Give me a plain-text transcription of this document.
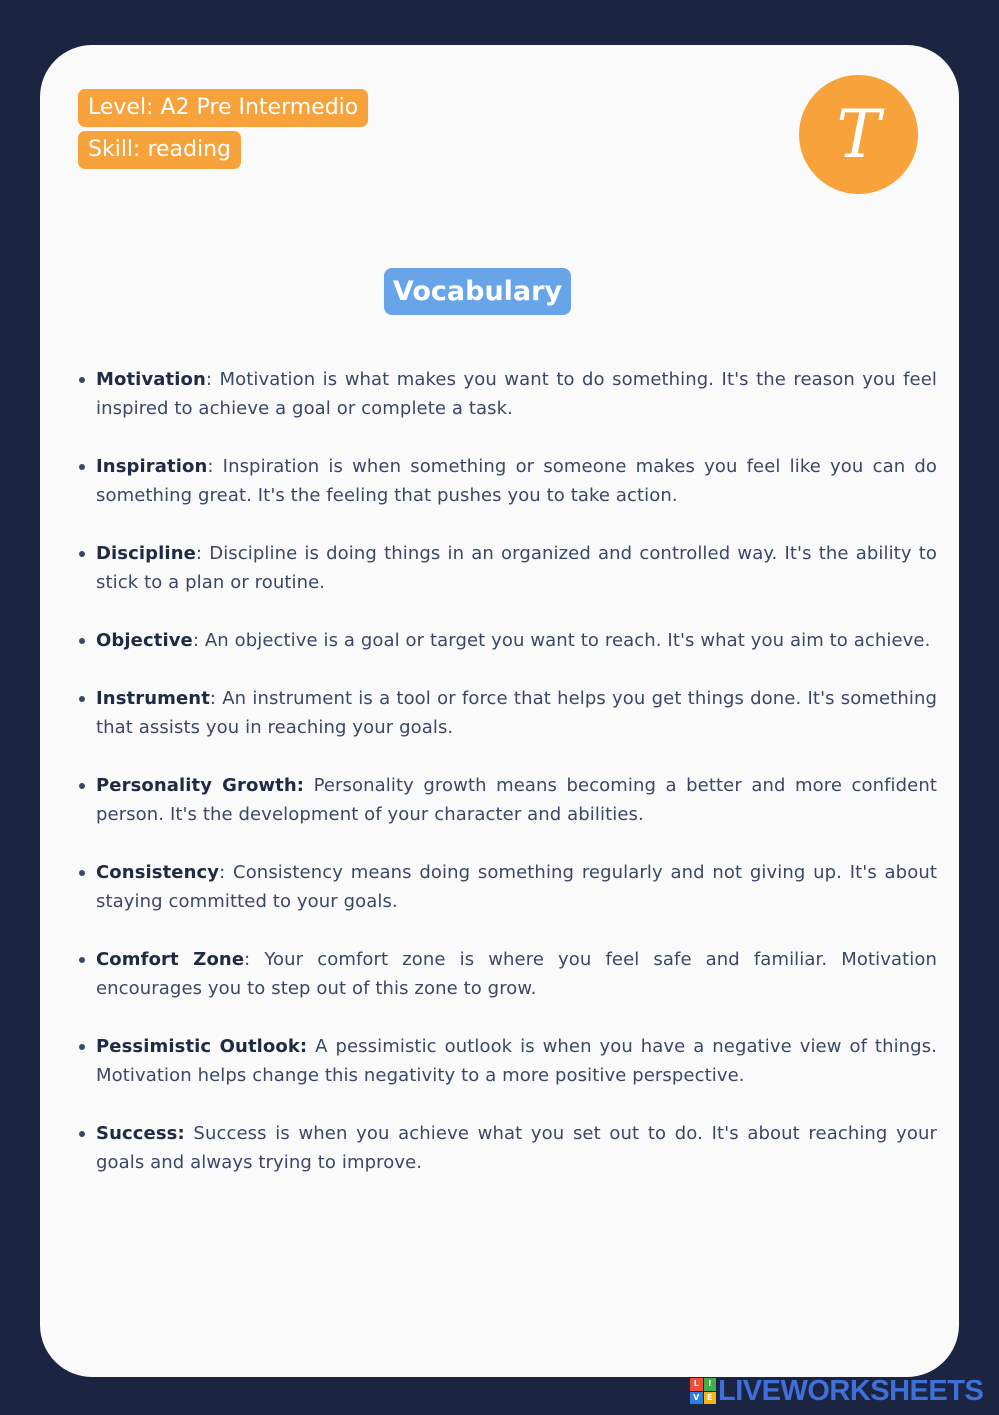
Level: A2 Pre Intermedio
Skill: reading	T
Vocabulary
Motivation: Motivation is what makes you want to do something. It's the reason you feel inspired to achieve a goal or complete a task.
Inspiration: Inspiration is when something or someone makes you feel like you can do something great. It's the feeling that pushes you to take action.
Discipline: Discipline is doing things in an organized and controlled way. It's the ability to stick to a plan or routine.
Objective: An objective is a goal or target you want to reach. It's what you aim to achieve.
Instrument: An instrument is a tool or force that helps you get things done. It's something that assists you in reaching your goals.
Personality Growth: Personality growth means becoming a better and more confident person. It's the development of your character and abilities.
Consistency: Consistency means doing something regularly and not giving up. It's about staying committed to your goals.
Comfort Zone: Your comfort zone is where you feel safe and familiar. Motivation encourages you to step out of this zone to grow.
Pessimistic Outlook: A pessimistic outlook is when you have a negative view of things. Motivation helps change this negativity to a more positive perspective.
Success: Success is when you achieve what you set out to do. It's about reaching your goals and always trying to improve.
L	I
V E LIVEWORKSHEETS
